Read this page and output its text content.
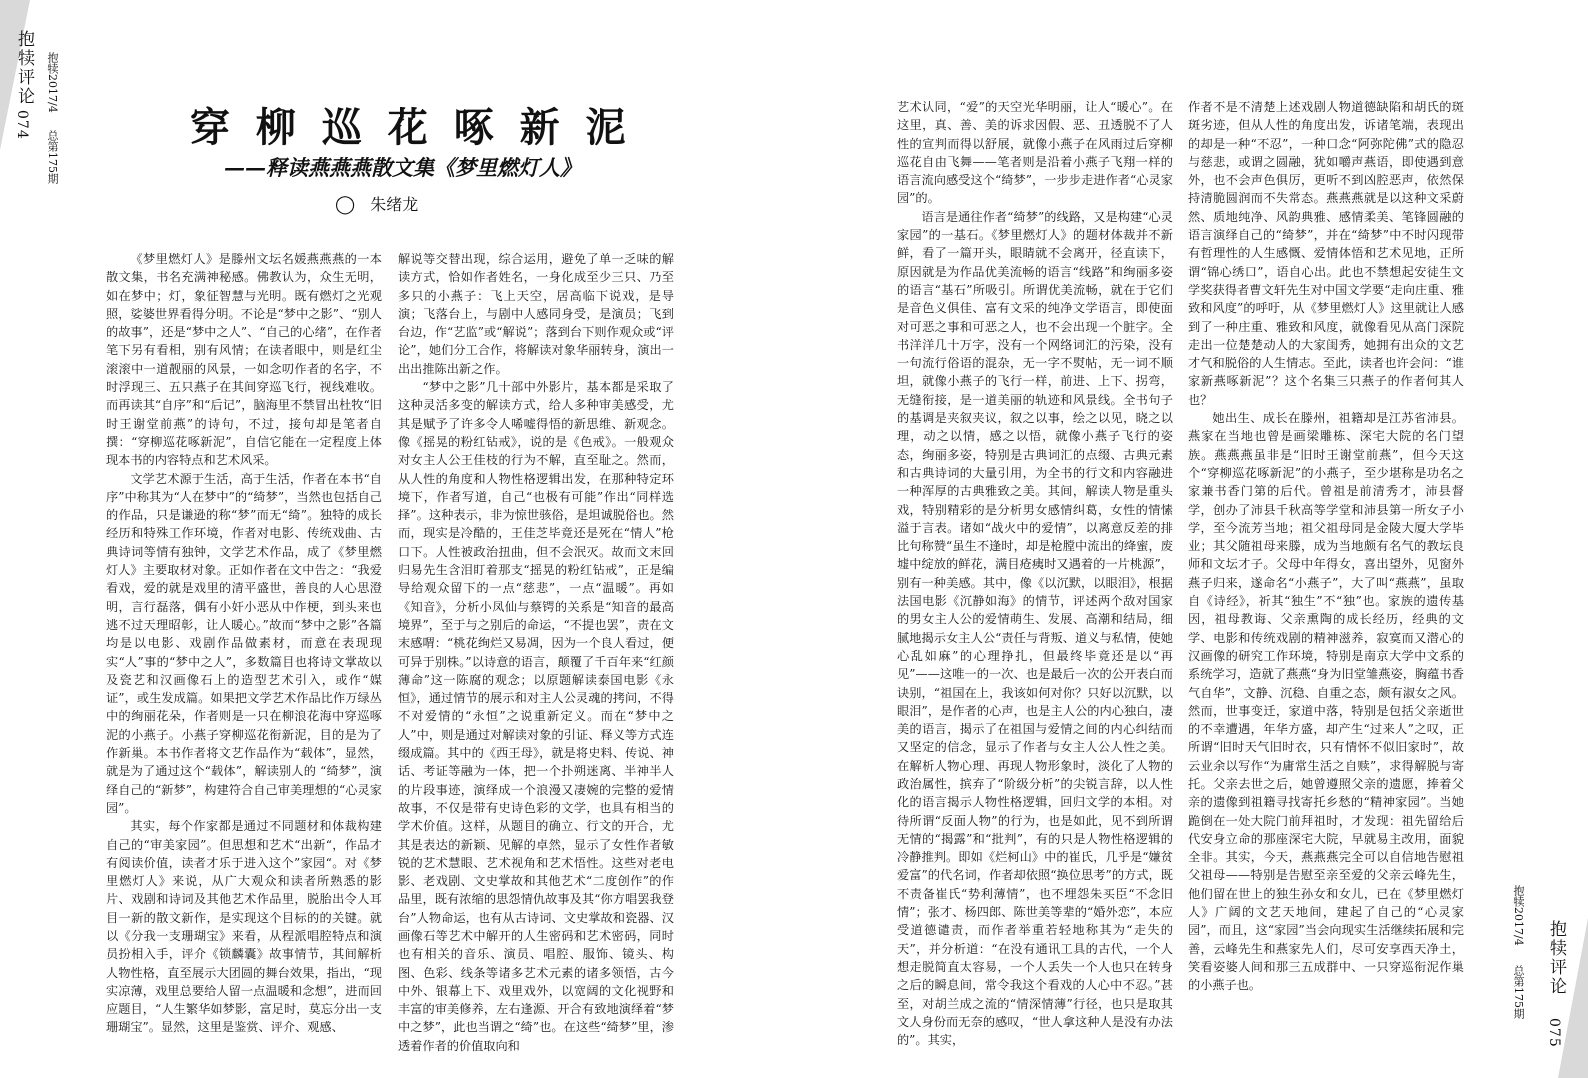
抱犊评论
074
抱犊2017/4
总第175期
穿 柳 巡 花 啄 新 泥
——释读燕燕燕散文集《梦里燃灯人》
◯ 朱绪龙

《梦里燃灯人》是滕州文坛名媛燕燕燕的一本散文集，书名充满神秘感。佛教认为，众生无明，如在梦中；灯，象征智慧与光明。既有燃灯之光观照，娑婆世界看得分明。不论是“梦中之影”、“别人的故事”，还是“梦中之人”、“自己的心绪”，在作者笔下另有看相，别有风情；在读者眼中，则是红尘滚滚中一道靓丽的风景，一如念叨作者的名字，不时浮现三、五只燕子在其间穿巡飞行，视线难收。而再读其“自序”和“后记”，脑海里不禁冒出杜牧“旧时王谢堂前燕”的诗句，不过，接句却是笔者自撰：“穿柳巡花啄新泥”，自信它能在一定程度上体现本书的内容特点和艺术风采。

文学艺术源于生活，高于生活，作者在本书“自序”中称其为“人在梦中”的“绮梦”，当然也包括自己的作品，只是谦逊的称“梦”而无“绮”。独特的成长经历和特殊工作环境，作者对电影、传统戏曲、古典诗词等情有独钟，文学艺术作品，成了《梦里燃灯人》主要取材对象。正如作者在文中告之：“我爱看戏，爱的就是戏里的清平盛世，善良的人心思澄明，言行磊落，偶有小奸小恶从中作梗，到头来也逃不过天理昭彰，让人暖心。”故而“梦中之影”各篇均是以电影、戏剧作品做素材，而意在表现现实“人”事的“梦中之人”，多数篇目也将诗文掌故以及瓷艺和汉画像石上的造型艺术引入，或作“媒证”，或生发成篇。如果把文学艺术作品比作万绿丛中的绚丽花朵，作者则是一只在柳浪花海中穿巡啄泥的小燕子。小燕子穿柳巡花衔新泥，目的是为了作新巢。本书作者将文艺作品作为“载体”，显然，就是为了通过这个“载体”，解读别人的 “绮梦”，演绎自己的“新梦”，构建符合自己审美理想的“心灵家园”。

其实，每个作家都是通过不同题材和体裁构建自己的“审美家园”。但思想和艺术“出新“，作品才有阅读价值，读者才乐于进入这个”家园“。对《梦里燃灯人》来说，从广大观众和读者所熟悉的影片、戏剧和诗词及其他艺术作品里，脱胎出令人耳目一新的散文新作，是实现这个目标的的关键。就以《分我一支珊瑚宝》来看，从程派唱腔特点和演员扮相入手，评介《锁麟囊》故事情节，其间解析人物性格，直至展示大团圆的舞台效果，指出，“现实凉薄，戏里总要给人留一点温暖和念想”，进而回应题目，“人生繁华如梦影，富足时，莫忘分出一支珊瑚宝”。显然，这里是鉴赏、评介、观感、

解说等交替出现，综合运用，避免了单一乏味的解读方式，恰如作者姓名，一身化成至少三只、乃至多只的小燕子：飞上天空，居高临下说戏，是导演；飞落台上，与剧中人感同身受，是演员；飞到台边，作“艺监”或“解说”；落到台下则作观众或“评论”，她们分工合作，将解读对象华丽转身，演出一出出推陈出新之作。

“梦中之影”几十部中外影片，基本都是采取了这种灵活多变的解读方式，给人多种审美感受，尤其是赋予了许多令人唏嘘得悟的新思维、新观念。像《摇晃的粉红钻戒》，说的是《色戒》。一般观众对女主人公王佳枝的行为不解，直至耻之。然而，从人性的角度和人物性格逻辑出发，在那种特定环境下，作者写道，自己“也极有可能”作出“同样选择”。这种表示，非为惊世骇俗，是坦诚脱俗也。然而，现实是冷酷的，王佳芝毕竟还是死在“情人”枪口下。人性被政治扭曲，但不会泯灭。故而文末回归易先生含泪盯着那支“摇晃的粉红钻戒”，正是编导给观众留下的一点“慈悲”，一点“温暖”。再如《知音》，分析小凤仙与蔡锷的关系是“知音的最高境界”，至于与之别后的命运，“不提也罢”，责在文末感喟：“桃花绚烂又易凋，因为一个良人看过，便可异于别株。”以诗意的语言，颠覆了千百年来“红颜薄命”这一陈腐的观念；以原题解读泰国电影《永恒》，通过情节的展示和对主人公灵魂的拷问，不得不对爱情的“永恒”之说重新定义。而在“梦中之人”中，则是通过对解读对象的引证、释义等方式连缀成篇。其中的《西王母》，就是将史料、传说、神话、考证等融为一体，把一个扑朔迷离、半神半人的片段事迹，演绎成一个浪漫又凄婉的完整的爱情故事，不仅是带有史诗色彩的文学，也具有相当的学术价值。这样，从题目的确立、行文的开合，尤其是表达的新颖、见解的卓然，显示了女性作者敏锐的艺术慧眼、艺术视角和艺术悟性。这些对老电影、老戏剧、文史掌故和其他艺术“二度创作”的作品里，既有浓缩的思怨情仇故事及其“你方唱罢我登台”人物命运，也有从古诗词、文史掌故和瓷器、汉画像石等艺术中解开的人生密码和艺术密码，同时也有相关的音乐、演员、唱腔、服饰、镜头、构图、色彩、线条等诸多艺术元素的诸多领悟，古今中外、银幕上下、戏里戏外，以宽阔的文化视野和丰富的审美修养，左右逢源、开合有致地演绎着“梦中之梦”，此也当谓之“绮”也。在这些“绮梦”里，渗透着作者的价值取向和

艺术认同，“爱”的天空光华明丽，让人“暖心”。在这里，真、善、美的诉求因假、恶、丑透脱不了人性的宣判而得以舒展，就像小燕子在风雨过后穿柳巡花自由飞舞——笔者则是沿着小燕子飞翔一样的语言流向感受这个“绮梦”，一步步走进作者“心灵家园”的。

语言是通往作者“绮梦”的线路，又是构建“心灵家园”的一基石。《梦里燃灯人》的题材体裁并不新鲜，看了一篇开头，眼睛就不会离开，径直读下，原因就是为作品优美流畅的语言“线路”和绚丽多姿的语言“基石”所吸引。所谓优美流畅，就在于它们是音色义俱佳、富有文采的纯净文学语言，即使面对可恶之事和可恶之人，也不会出现一个脏字。全书洋洋几十万字，没有一个网络词汇的污染，没有一句流行俗语的混杂，无一字不熨帖，无一词不顺坦，就像小燕子的飞行一样，前进、上下、拐弯，无缝衔接，是一道美丽的轨迹和风景线。全书句子的基调是夹叙夹议，叙之以事，绘之以见，晓之以理，动之以情，感之以悟，就像小燕子飞行的姿态，绚丽多姿，特别是古典词汇的点缀、古典元素和古典诗词的大量引用，为全书的行文和内容融进一种浑厚的古典雅致之美。其间，解读人物是重头戏，特别精彩的是分析男女感情纠葛，女性的情愫溢于言表。诸如“战火中的爱情”，以离意反差的排比句称赞“虽生不逢时，却是枪膛中流出的绛蜜，废墟中绽放的鲜花，满目疮痍时又遇着的一片桃源”，别有一种美感。其中，像《以沉默，以眼泪》，根据法国电影《沉静如海》的情节，评述两个敌对国家的男女主人公的爱情萌生、发展、高潮和结局，细腻地揭示女主人公“责任与背叛、道义与私情，使她心乱如麻”的心理挣扎，但最终毕竟还是以“再见”——这唯一的一次、也是最后一次的公开表白而诀别，“祖国在上，我该如何对你？只好以沉默，以眼泪”，是作者的心声，也是主人公的内心独白，凄美的语言，揭示了在祖国与爱情之间的内心纠结而又坚定的信念，显示了作者与女主人公人性之美。在解析人物心理、再现人物形象时，淡化了人物的政治属性，摈弃了“阶级分析”的尖锐言辞，以人性化的语言揭示人物性格逻辑，回归文学的本相。对待所谓“反面人物”的行为，也是如此，见不到所谓无情的“揭露”和“批判”，有的只是人物性格逻辑的冷静推判。即如《烂柯山》中的崔氏，几乎是“嫌贫爱富”的代名词，作者却依照“换位思考”的方式，既不责备崔氏“势利薄情”，也不埋怨朱买臣“不念旧情”；张才、杨四郎、陈世美等辈的“婚外恋”，本应受道德谴责，而作者举重若轻地称其为“走失的天”，并分析道：“在没有通讯工具的古代，一个人想走脱简直太容易，一个人丢失一个人也只在转身之后的瞬息间，常令我这个看戏的人心中不忍。”甚至，对胡兰成之流的“情深情薄”行径，也只是取其文人身份而无奈的感叹，“世人拿这种人是没有办法的”。其实，

作者不是不清楚上述戏剧人物道德缺陷和胡氏的斑斑劣迹，但从人性的角度出发，诉诸笔端，表现出的却是一种“不忍”，一种口念“阿弥陀佛”式的隐忍与慈悲，或谓之圆融，犹如嚼声燕语，即使遇到意外，也不会声色俱厉，更听不到凶腔恶声，依然保持清脆圆润而不失常态。燕燕燕就是以这种文采蔚然、质地纯净、风韵典雅、感情柔美、笔锋圆融的语言演绎自己的“绮梦”，并在“绮梦”中不时闪现带有哲理性的人生感慨、爱情体悟和艺术见地，正所谓“锦心绣口”，语自心出。此也不禁想起安徒生文学奖获得者曹文轩先生对中国文学要“走向庄重、雅致和风度”的呼吁，从《梦里燃灯人》这里就让人感到了一种庄重、雅致和风度，就像看见从高门深院走出一位楚楚动人的大家闺秀，她拥有出众的文艺才气和脱俗的人生情志。至此，读者也许会问：“谁家新燕啄新泥”？这个名集三只燕子的作者何其人也？

她出生、成长在滕州，祖籍却是江苏省沛县。燕家在当地也曾是画梁雕栋、深宅大院的名门望族。燕燕燕虽非是“旧时王谢堂前燕”，但今天这个“穿柳巡花啄新泥”的小燕子，至少堪称是功名之家兼书香门第的后代。曾祖是前清秀才，沛县督学，创办了沛县千秋高等学堂和沛县第一所女子小学，至今流芳当地；祖父祖母同是金陵大厦大学毕业；其父随祖母来滕，成为当地颇有名气的教坛良师和文坛才子。父母中年得女，喜出望外，见窗外燕子归来，遂命名“小燕子”，大了叫“燕燕”，虽取自《诗经》，祈其“独生”不“独”也。家族的遗传基因，祖母教诲、父亲熏陶的成长经历，经典的文学、电影和传统戏剧的精神滋养，寂寞而又潜心的汉画像的研究工作环境，特别是南京大学中文系的系统学习，造就了燕燕“身为旧堂雏燕姿，胸蕴书香气自华”，文静、沉稳、自重之态，颇有淑女之风。然而，世事变迁，家道中落，特别是包括父亲逝世的不幸遭遇，年华方盛，却产生“过来人”之叹，正所谓“旧时天气旧时衣，只有情怀不似旧家时”，故云业余以写作“为庸常生活之自赎”，求得解脱与寄托。父亲去世之后，她曾遵照父亲的遗愿，捧着父亲的遗像到祖籍寻找寄托乡愁的“精神家园”。当她跪倒在一处大院门前拜祖时，才发现：祖先留给后代安身立命的那座深宅大院，早就易主改用，面貌全非。其实，今天，燕燕燕完全可以自信地告慰祖父祖母——特别是告慰至亲至爱的父亲云峰先生，他们留在世上的独生孙女和女儿，已在《梦里燃灯人》广阔的文艺天地间，建起了自己的“心灵家园”，而且，这“家园”当会向现实生活继续拓展和完善，云峰先生和燕家先人们，尽可安享西天净土，笑看姿婆人间和那三五成群中、一只穿巡衔泥作巢的小燕子也。

抱犊2017/4
总第175期 抱犊评论
075
